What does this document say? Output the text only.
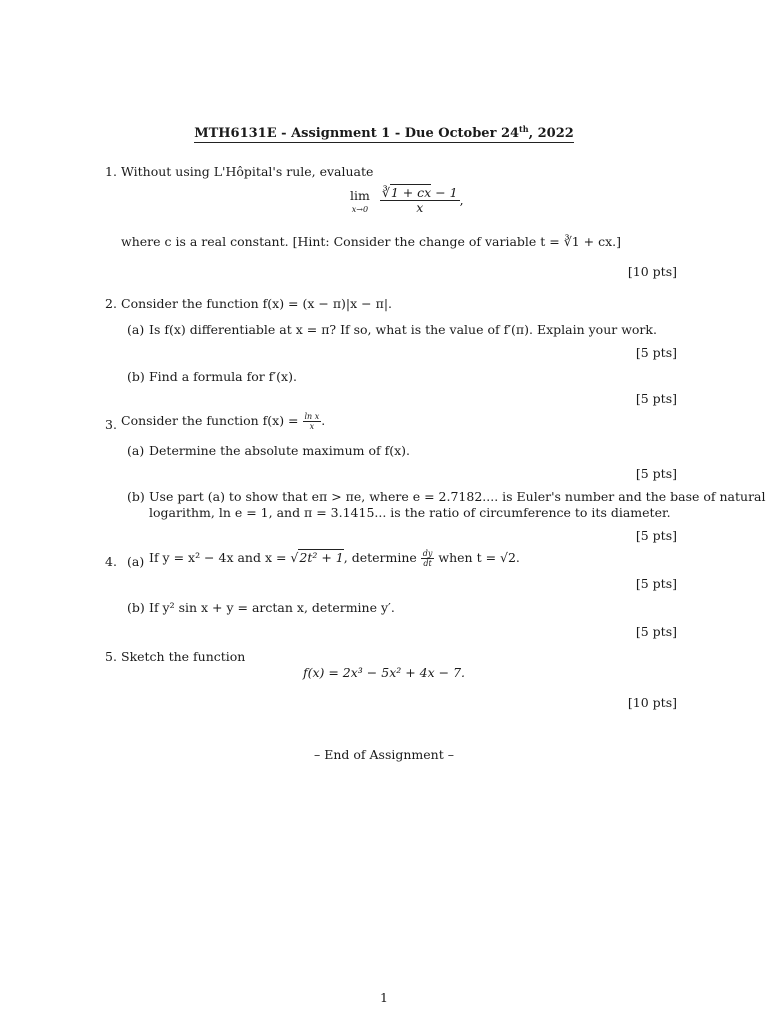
MTH6131E - Assignment 1 - Due October 24th, 2022
1. Without using L'Hôpital's rule, evaluate
lim
x→0
$\frac{∛1 + cx - 1}{x}$ ,
where c is a real constant. [Hint: Consider the change of variable t = ∛1 + cx.]
[10 pts]
2. Consider the function f(x) = (x − π)|x − π|.
(a) Is f(x) differentiable at x = π? If so, what is the value of f′(π). Explain your work.
[5 pts]
(b) Find a formula for f′(x).
[5 pts]
3. Consider the function $f(x) = \frac{\text{ln x}}{x}$ .
(a) Determine the absolute maximum of f(x).
[5 pts]
(b) Use part (a) to show that eπ > πe, where e = 2.7182.... is Euler's number and the base of natural
logarithm, ln e = 1, and π = 3.1415... is the ratio of circumference to its diameter.
[5 pts]
4. (a) If y = x² − 4x and x = √2t² + 1, determine $\frac{dy}{dt}$ when t = √2.
[5 pts]
(b) If y² sin x + y = arctan x, determine y′.
[5 pts]
5. Sketch the function
f(x) = 2x³ − 5x² + 4x − 7.
[10 pts]
– End of Assignment –
1
